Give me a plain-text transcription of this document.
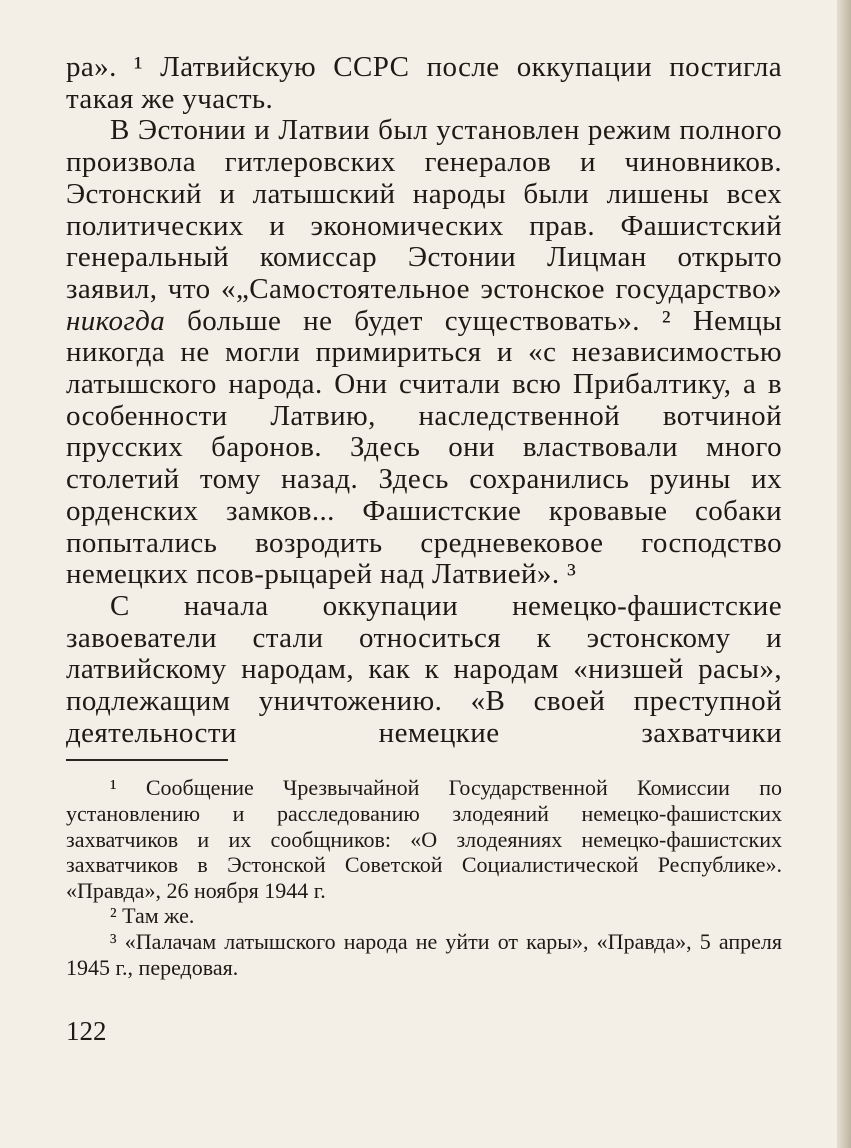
ра». ¹ Латвийскую ССРС после оккупации постигла такая же участь.

В Эстонии и Латвии был установлен режим полного произвола гитлеровских генералов и чиновников. Эстонский и латышский народы были лишены всех политических и экономических прав. Фашистский генеральный комиссар Эстонии Лицман открыто заявил, что «„Самостоятельное эстонское государство» никогда больше не будет существовать». ² Немцы никогда не могли примириться и «с независимостью латышского народа. Они считали всю Прибалтику, а в особенности Латвию, наследственной вотчиной прусских баронов. Здесь они властвовали много столетий тому назад. Здесь сохранились руины их орденских замков... Фашистские кровавые собаки попытались возродить средневековое господство немецких псов-рыцарей над Латвией». ³

С начала оккупации немецко-фашистские завоеватели стали относиться к эстонскому и латвийскому народам, как к народам «низшей расы», подлежащим уничтожению. «В своей преступной деятельности немецкие захватчики

¹ Сообщение Чрезвычайной Государственной Комиссии по установлению и расследованию злодеяний немецко-фашистских захватчиков и их сообщников: «О злодеяниях немецко-фашистских захватчиков в Эстонской Советской Социалистической Республике». «Правда», 26 ноября 1944 г.

² Там же.

³ «Палачам латышского народа не уйти от кары», «Правда», 5 апреля 1945 г., передовая.

122
